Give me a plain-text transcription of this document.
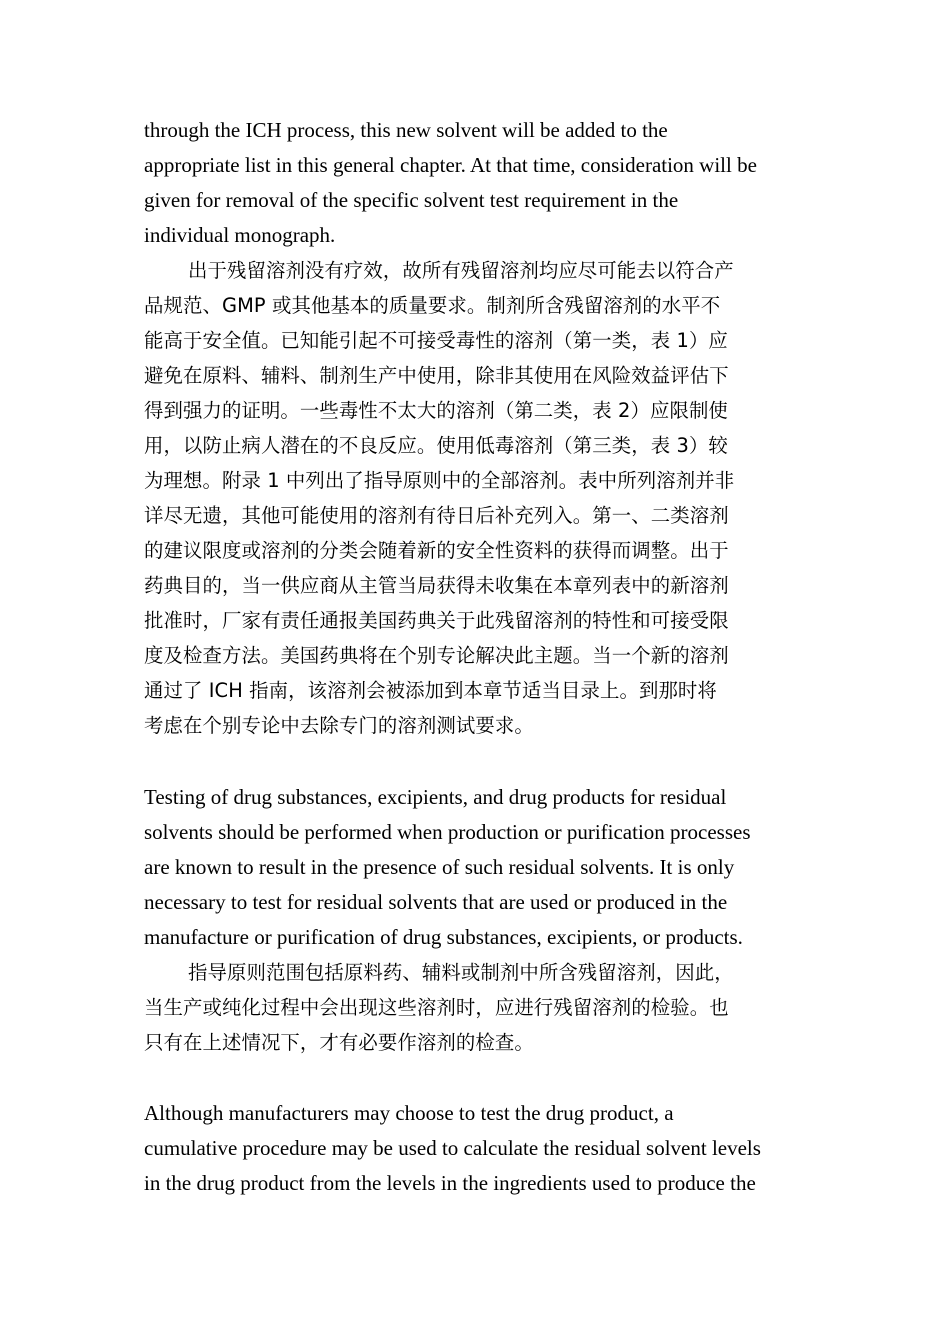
through the ICH process, this new solvent will be added to the
appropriate list in this general chapter. At that time, consideration will be
given for removal of the specific solvent test requirement in the
individual monograph.
出于残留溶剂没有疗效，故所有残留溶剂均应尽可能去以符合产
品规范、GMP 或其他基本的质量要求。制剂所含残留溶剂的水平不
能高于安全值。已知能引起不可接受毒性的溶剂（第一类，表 1）应
避免在原料、辅料、制剂生产中使用，除非其使用在风险效益评估下
得到强力的证明。一些毒性不太大的溶剂（第二类，表 2）应限制使
用，以防止病人潜在的不良反应。使用低毒溶剂（第三类，表 3）较
为理想。附录 1 中列出了指导原则中的全部溶剂。表中所列溶剂并非
详尽无遗，其他可能使用的溶剂有待日后补充列入。第一、二类溶剂
的建议限度或溶剂的分类会随着新的安全性资料的获得而调整。出于
药典目的，当一供应商从主管当局获得未收集在本章列表中的新溶剂
批准时，厂家有责任通报美国药典关于此残留溶剂的特性和可接受限
度及检查方法。美国药典将在个别专论解决此主题。当一个新的溶剂
通过了 ICH 指南，该溶剂会被添加到本章节适当目录上。到那时将
考虑在个别专论中去除专门的溶剂测试要求。
Testing of drug substances, excipients, and drug products for residual
solvents should be performed when production or purification processes
are known to result in the presence of such residual solvents. It is only
necessary to test for residual solvents that are used or produced in the
manufacture or purification of drug substances, excipients, or products.
指导原则范围包括原料药、辅料或制剂中所含残留溶剂，因此，
当生产或纯化过程中会出现这些溶剂时，应进行残留溶剂的检验。也
只有在上述情况下，才有必要作溶剂的检查。
Although manufacturers may choose to test the drug product, a
cumulative procedure may be used to calculate the residual solvent levels
in the drug product from the levels in the ingredients used to produce the
